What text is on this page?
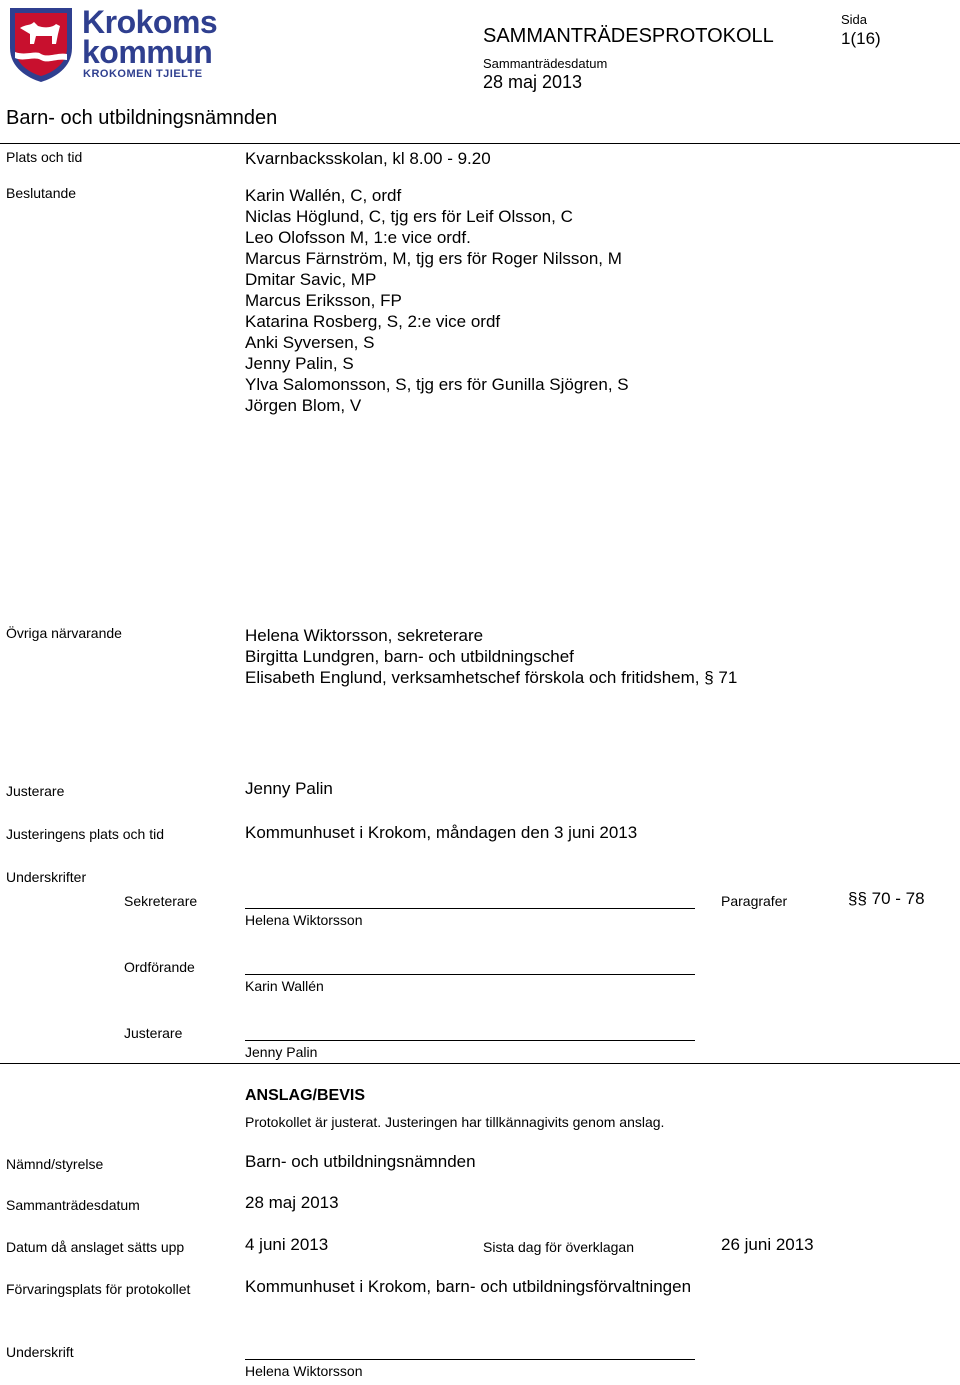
Krokoms
kommun
KROKOMEN TJIELTE
SAMMANTRÄDESPROTOKOLL
Sammanträdesdatum
28 maj 2013
Sida
1(16)
Barn- och utbildningsnämnden
Plats och tid	Kvarnbacksskolan, kl 8.00 - 9.20
Beslutande	Karin Wallén, C, ordf
Niclas Höglund, C, tjg ers för Leif Olsson, C
Leo Olofsson M, 1:e vice ordf.
Marcus Färnström, M, tjg ers för Roger Nilsson, M
Dmitar Savic, MP
Marcus Eriksson, FP
Katarina Rosberg, S, 2:e vice ordf
Anki Syversen, S
Jenny Palin, S
Ylva Salomonsson, S, tjg ers för Gunilla Sjögren, S
Jörgen Blom, V
Övriga närvarande	Helena Wiktorsson, sekreterare
Birgitta Lundgren, barn- och utbildningschef
Elisabeth Englund, verksamhetschef förskola och fritidshem, § 71
Justerare	Jenny Palin
Justeringens plats och tid	Kommunhuset i Krokom, måndagen den 3 juni 2013
Underskrifter
Sekreterare
Helena Wiktorsson
Paragrafer	§§ 70 - 78
Ordförande
Karin Wallén
Justerare
Jenny Palin
ANSLAG/BEVIS
Protokollet är justerat. Justeringen har tillkännagivits genom anslag.
Nämnd/styrelse	Barn- och utbildningsnämnden
Sammanträdesdatum	28 maj 2013
Datum då anslaget sätts upp	4 juni 2013	Sista dag för överklagan	26 juni 2013
Förvaringsplats för protokollet	Kommunhuset i Krokom, barn- och utbildningsförvaltningen
Underskrift
Helena Wiktorsson
